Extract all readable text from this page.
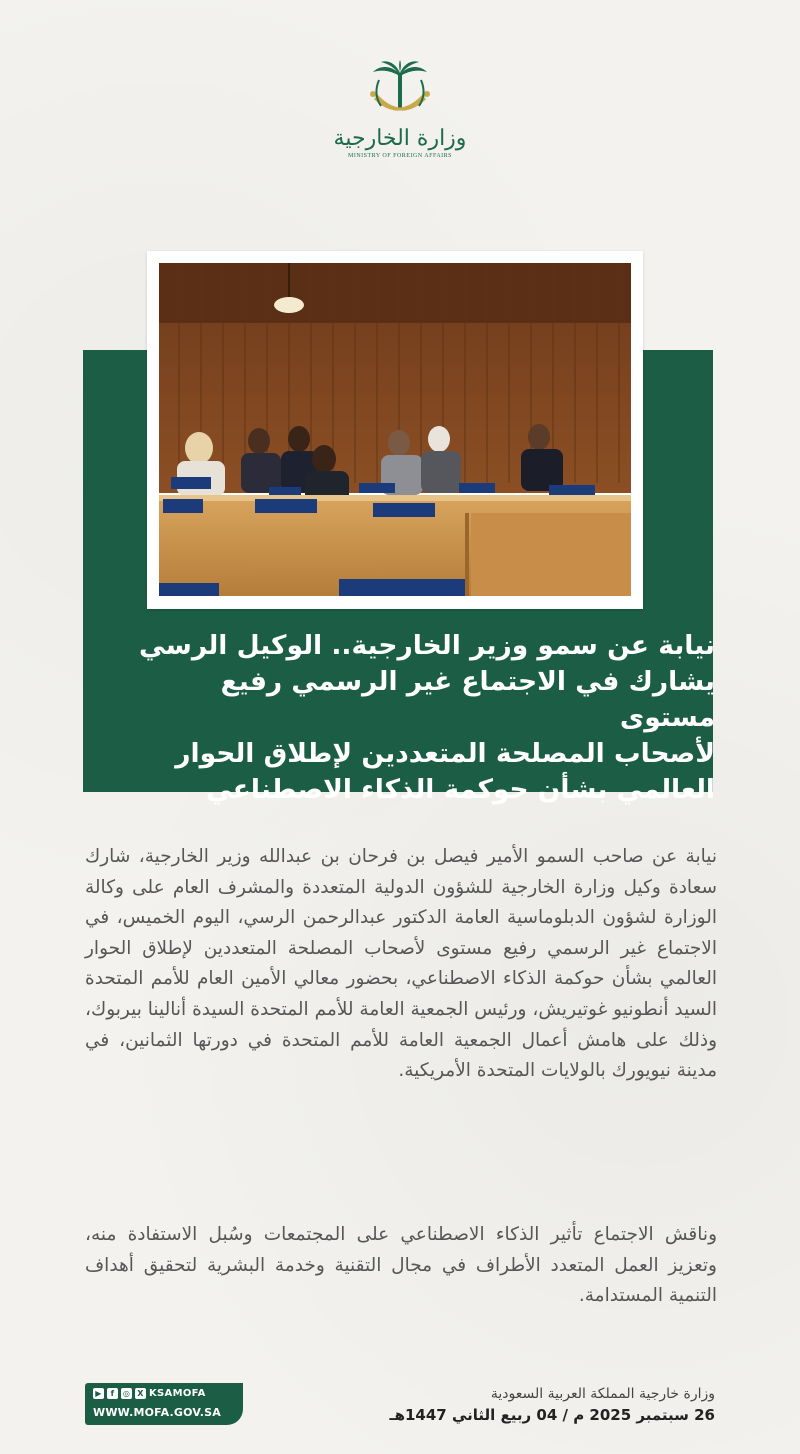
وزارة الخارجية
MINISTRY OF FOREIGN AFFAIRS
نيابة عن سمو وزير الخارجية.. الوكيل الرسي
يشارك في الاجتماع غير الرسمي رفيع مستوى
لأصحاب المصلحة المتعددين لإطلاق الحوار
العالمي بشأن حوكمة الذكاء الاصطناعي
نيابة عن صاحب السمو الأمير فيصل بن فرحان بن عبدالله وزير الخارجية، شارك سعادة وكيل وزارة الخارجية للشؤون الدولية المتعددة والمشرف العام على وكالة الوزارة لشؤون الدبلوماسية العامة الدكتور عبدالرحمن الرسي، اليوم الخميس، في الاجتماع غير الرسمي رفيع مستوى لأصحاب المصلحة المتعددين لإطلاق الحوار العالمي بشأن حوكمة الذكاء الاصطناعي، بحضور معالي الأمين العام للأمم المتحدة السيد أنطونيو غوتيريش، ورئيس الجمعية العامة للأمم المتحدة السيدة أنالينا بيربوك، وذلك على هامش أعمال الجمعية العامة للأمم المتحدة في دورتها الثمانين، في مدينة نيويورك بالولايات المتحدة الأمريكية.
وناقش الاجتماع تأثير الذكاء الاصطناعي على المجتمعات وسُبل الاستفادة منه، وتعزيز العمل المتعدد الأطراف في مجال التقنية وخدمة البشرية لتحقيق أهداف التنمية المستدامة.
وزارة خارجية المملكة العربية السعودية
26 سبتمبر 2025 م / 04 ربيع الثاني 1447هـ
▶	f	◎ X KSAMOFA
WWW.MOFA.GOV.SA
